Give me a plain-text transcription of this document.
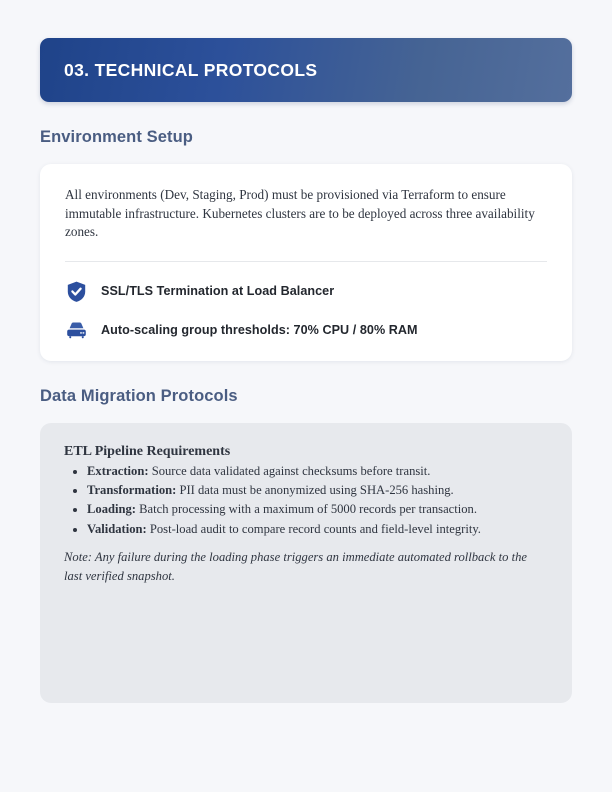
03. TECHNICAL PROTOCOLS
Environment Setup

All environments (Dev, Staging, Prod) must be provisioned via Terraform to ensure immutable infrastructure. Kubernetes clusters are to be deployed across three availability zones.

SSL/TLS Termination at Load Balancer
Auto-scaling group thresholds: 70% CPU / 80% RAM
Data Migration Protocols
ETL Pipeline Requirements
• Extraction: Source data validated against checksums before transit.
• Transformation: PII data must be anonymized using SHA-256 hashing.
• Loading: Batch processing with a maximum of 5000 records per transaction.
• Validation: Post-load audit to compare record counts and field-level integrity.

Note: Any failure during the loading phase triggers an immediate automated rollback to the last verified snapshot.
